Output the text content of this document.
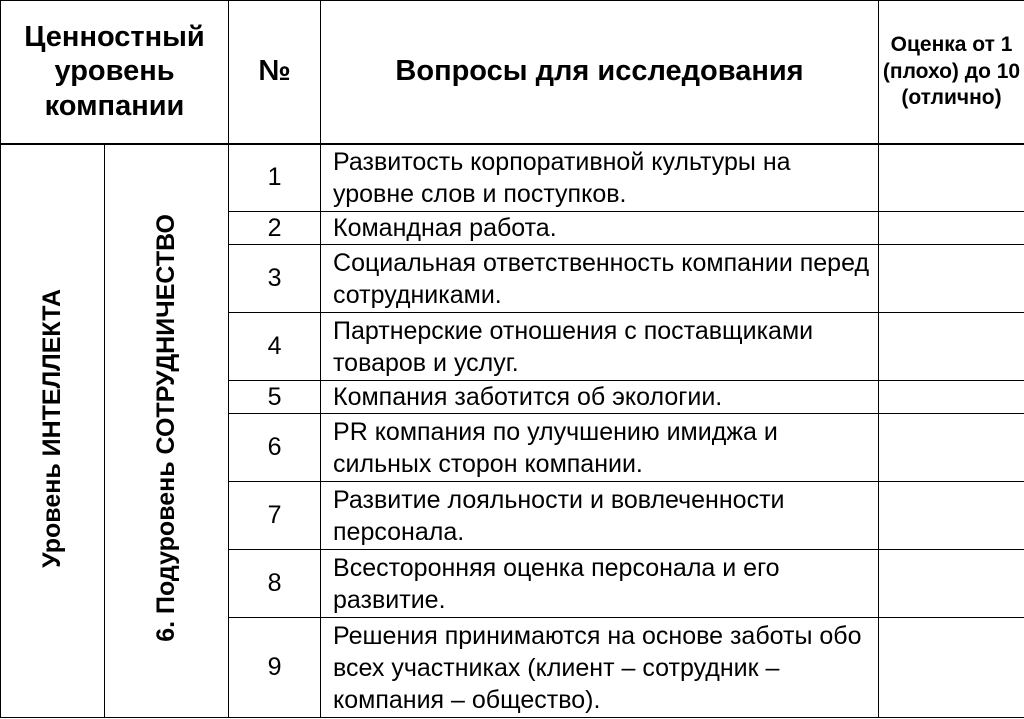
Ценностный уровень компании		№	Вопросы для исследования	Оценка от 1 (плохо) до 10 (отлично)
Уровень ИНТЕЛЛЕКТА	6. Подуровень СОТРУДНИЧЕСТВО	1	Развитость корпоративной культуры на уровне слов и поступков.	
		2	Командная работа.	
		3	Социальная ответственность компании перед сотрудниками.	
		4	Партнерские отношения с поставщиками товаров и услуг.	
		5	Компания заботится об экологии.	
		6	PR компания по улучшению имиджа и сильных сторон компании.	
		7	Развитие лояльности и вовлеченности персонала.	
		8	Всесторонняя оценка персонала и его развитие.	
		9	Решения принимаются на основе заботы обо всех участниках (клиент – сотрудник – компания – общество).	
